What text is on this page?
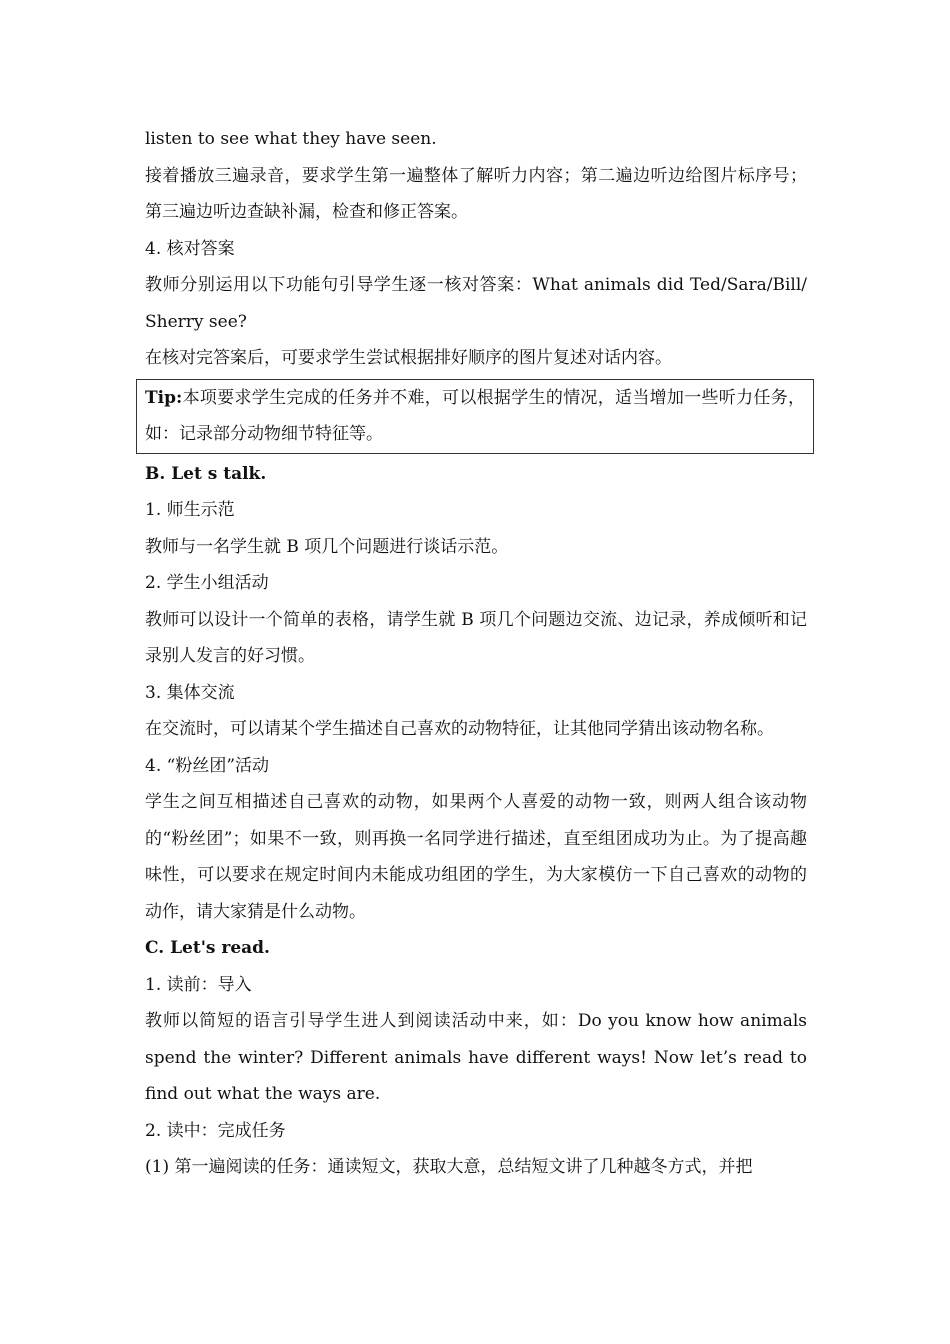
listen to see what they have seen.

接着播放三遍录音，要求学生第一遍整体了解听力内容；第二遍边听边给图片标序号；第三遍边听边查缺补漏，检查和修正答案。

4. 核对答案

教师分别运用以下功能句引导学生逐一核对答案：What animals did Ted/Sara/Bill/ Sherry see?

在核对完答案后，可要求学生尝试根据排好顺序的图片复述对话内容。

Tip:本项要求学生完成的任务并不难，可以根据学生的情况，适当增加一些听力任务，如：记录部分动物细节特征等。

B. Let s talk.

1. 师生示范

教师与一名学生就 B 项几个问题进行谈话示范。

2. 学生小组活动

教师可以设计一个简单的表格，请学生就 B 项几个问题边交流、边记录，养成倾听和记录别人发言的好习惯。

3. 集体交流

在交流时，可以请某个学生描述自己喜欢的动物特征，让其他同学猜出该动物名称。

4. “粉丝团”活动

学生之间互相描述自己喜欢的动物，如果两个人喜爱的动物一致，则两人组合该动物的“粉丝团”；如果不一致，则再换一名同学进行描述，直至组团成功为止。为了提高趣味性，可以要求在规定时间内未能成功组团的学生，为大家模仿一下自己喜欢的动物的动作，请大家猜是什么动物。

C. Let's read.

1. 读前：导入

教师以简短的语言引导学生进人到阅读活动中来，如：Do you know how animals spend the winter? Different animals have different ways! Now let’s read to find out what the ways are.

2. 读中：完成任务

(1) 第一遍阅读的任务：通读短文，获取大意，总结短文讲了几种越冬方式，并把
